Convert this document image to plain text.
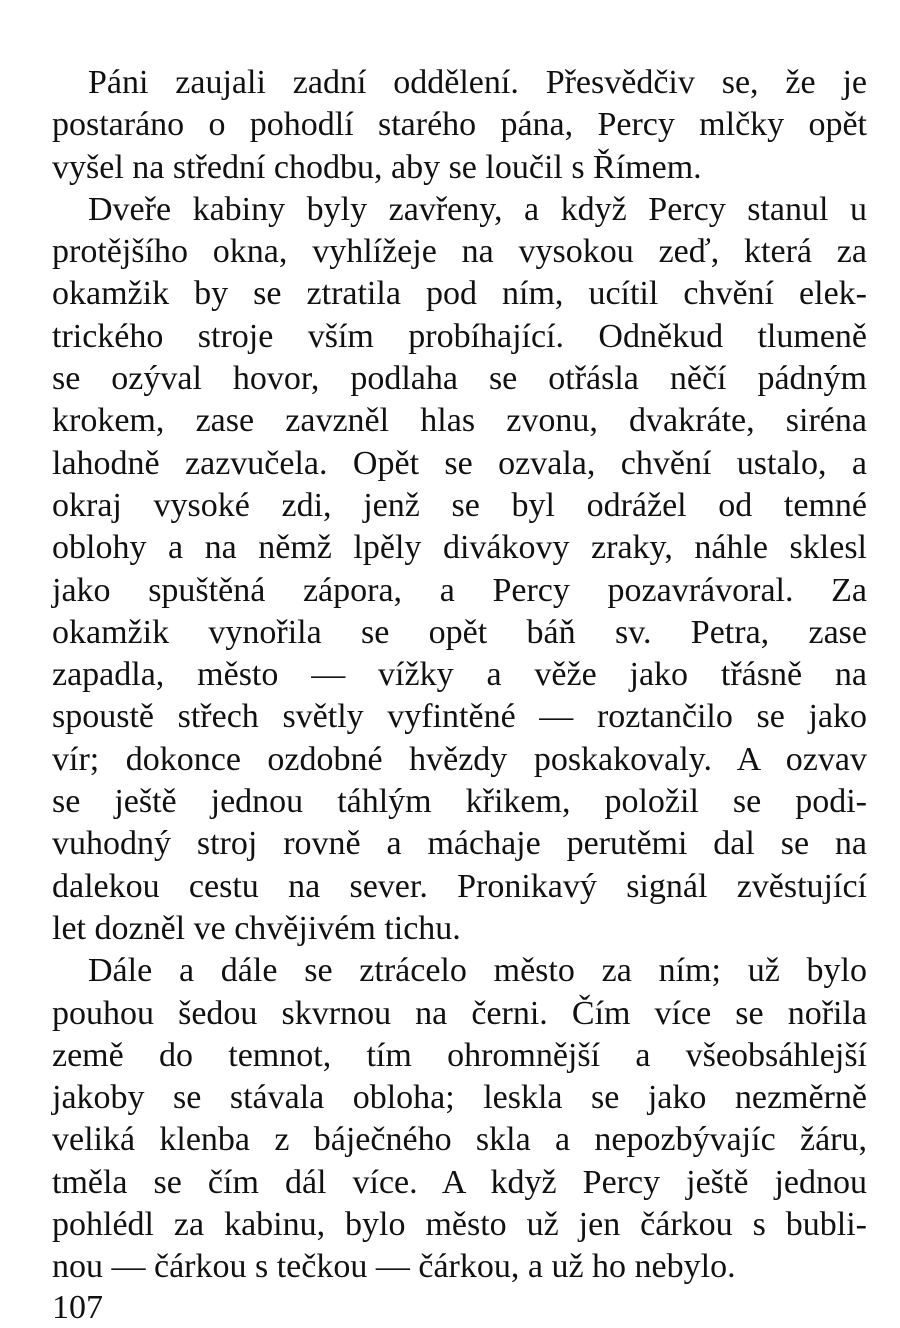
Páni zaujali zadní oddělení. Přesvědčiv se, že je
postaráno o pohodlí starého pána, Percy mlčky opět
vyšel na střední chodbu, aby se loučil s Římem.
Dveře kabiny byly zavřeny, a když Percy stanul u
protějšího okna, vyhlížeje na vysokou zeď, která za
okamžik by se ztratila pod ním, ucítil chvění elek-
trického stroje vším probíhající. Odněkud tlumeně
se ozýval hovor, podlaha se otřásla něčí pádným
krokem, zase zavzněl hlas zvonu, dvakráte, siréna
lahodně zazvučela. Opět se ozvala, chvění ustalo, a
okraj vysoké zdi, jenž se byl odrážel od temné
oblohy a na němž lpěly divákovy zraky, náhle sklesl
jako spuštěná zápora, a Percy pozavrávoral. Za
okamžik vynořila se opět báň sv. Petra, zase
zapadla, město — vížky a věže jako třásně na
spoustě střech světly vyfintěné — roztančilo se jako
vír; dokonce ozdobné hvězdy poskakovaly. A ozvav
se ještě jednou táhlým křikem, položil se podi-
vuhodný stroj rovně a máchaje perutěmi dal se na
dalekou cestu na sever. Pronikavý signál zvěstující
let dozněl ve chvějivém tichu.
Dále a dále se ztrácelo město za ním; už bylo
pouhou šedou skvrnou na černi. Čím více se nořila
země do temnot, tím ohromnější a všeobsáhlejší
jakoby se stávala obloha; leskla se jako nezměrně
veliká klenba z báječného skla a nepozbývajíc žáru,
tměla se čím dál více. A když Percy ještě jednou
pohlédl za kabinu, bylo město už jen čárkou s bubli-
nou — čárkou s tečkou — čárkou, a už ho nebylo.
107
